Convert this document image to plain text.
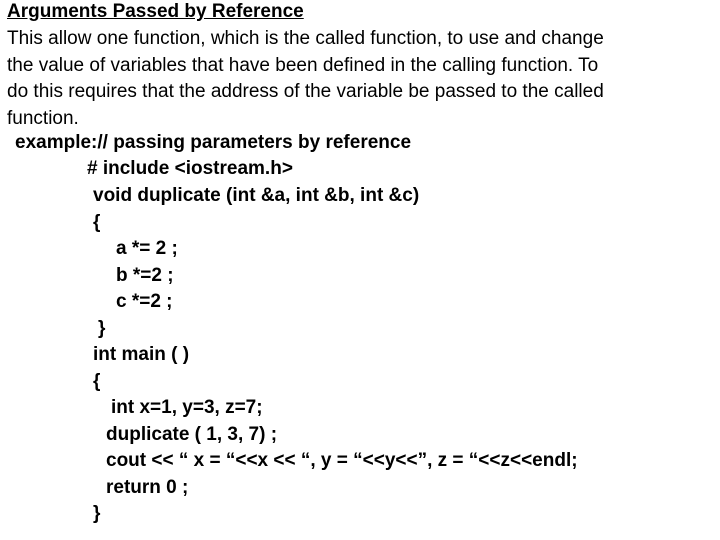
Arguments Passed by Reference
This allow one function, which is the called function, to use and change
the value of variables that have been defined in the calling function. To
do this requires that the address of the variable be passed to the called
function.
example:// passing parameters by reference
# include <iostream.h>
void duplicate (int &a, int &b, int &c)
{
a *= 2 ;
b *=2 ;
c *=2 ;
}
int main ( )
{
int x=1, y=3, z=7;
duplicate ( 1, 3, 7) ;
cout << “ x = “<<x << “, y = “<<y<<”, z = “<<z<<endl;
return 0 ;
}
